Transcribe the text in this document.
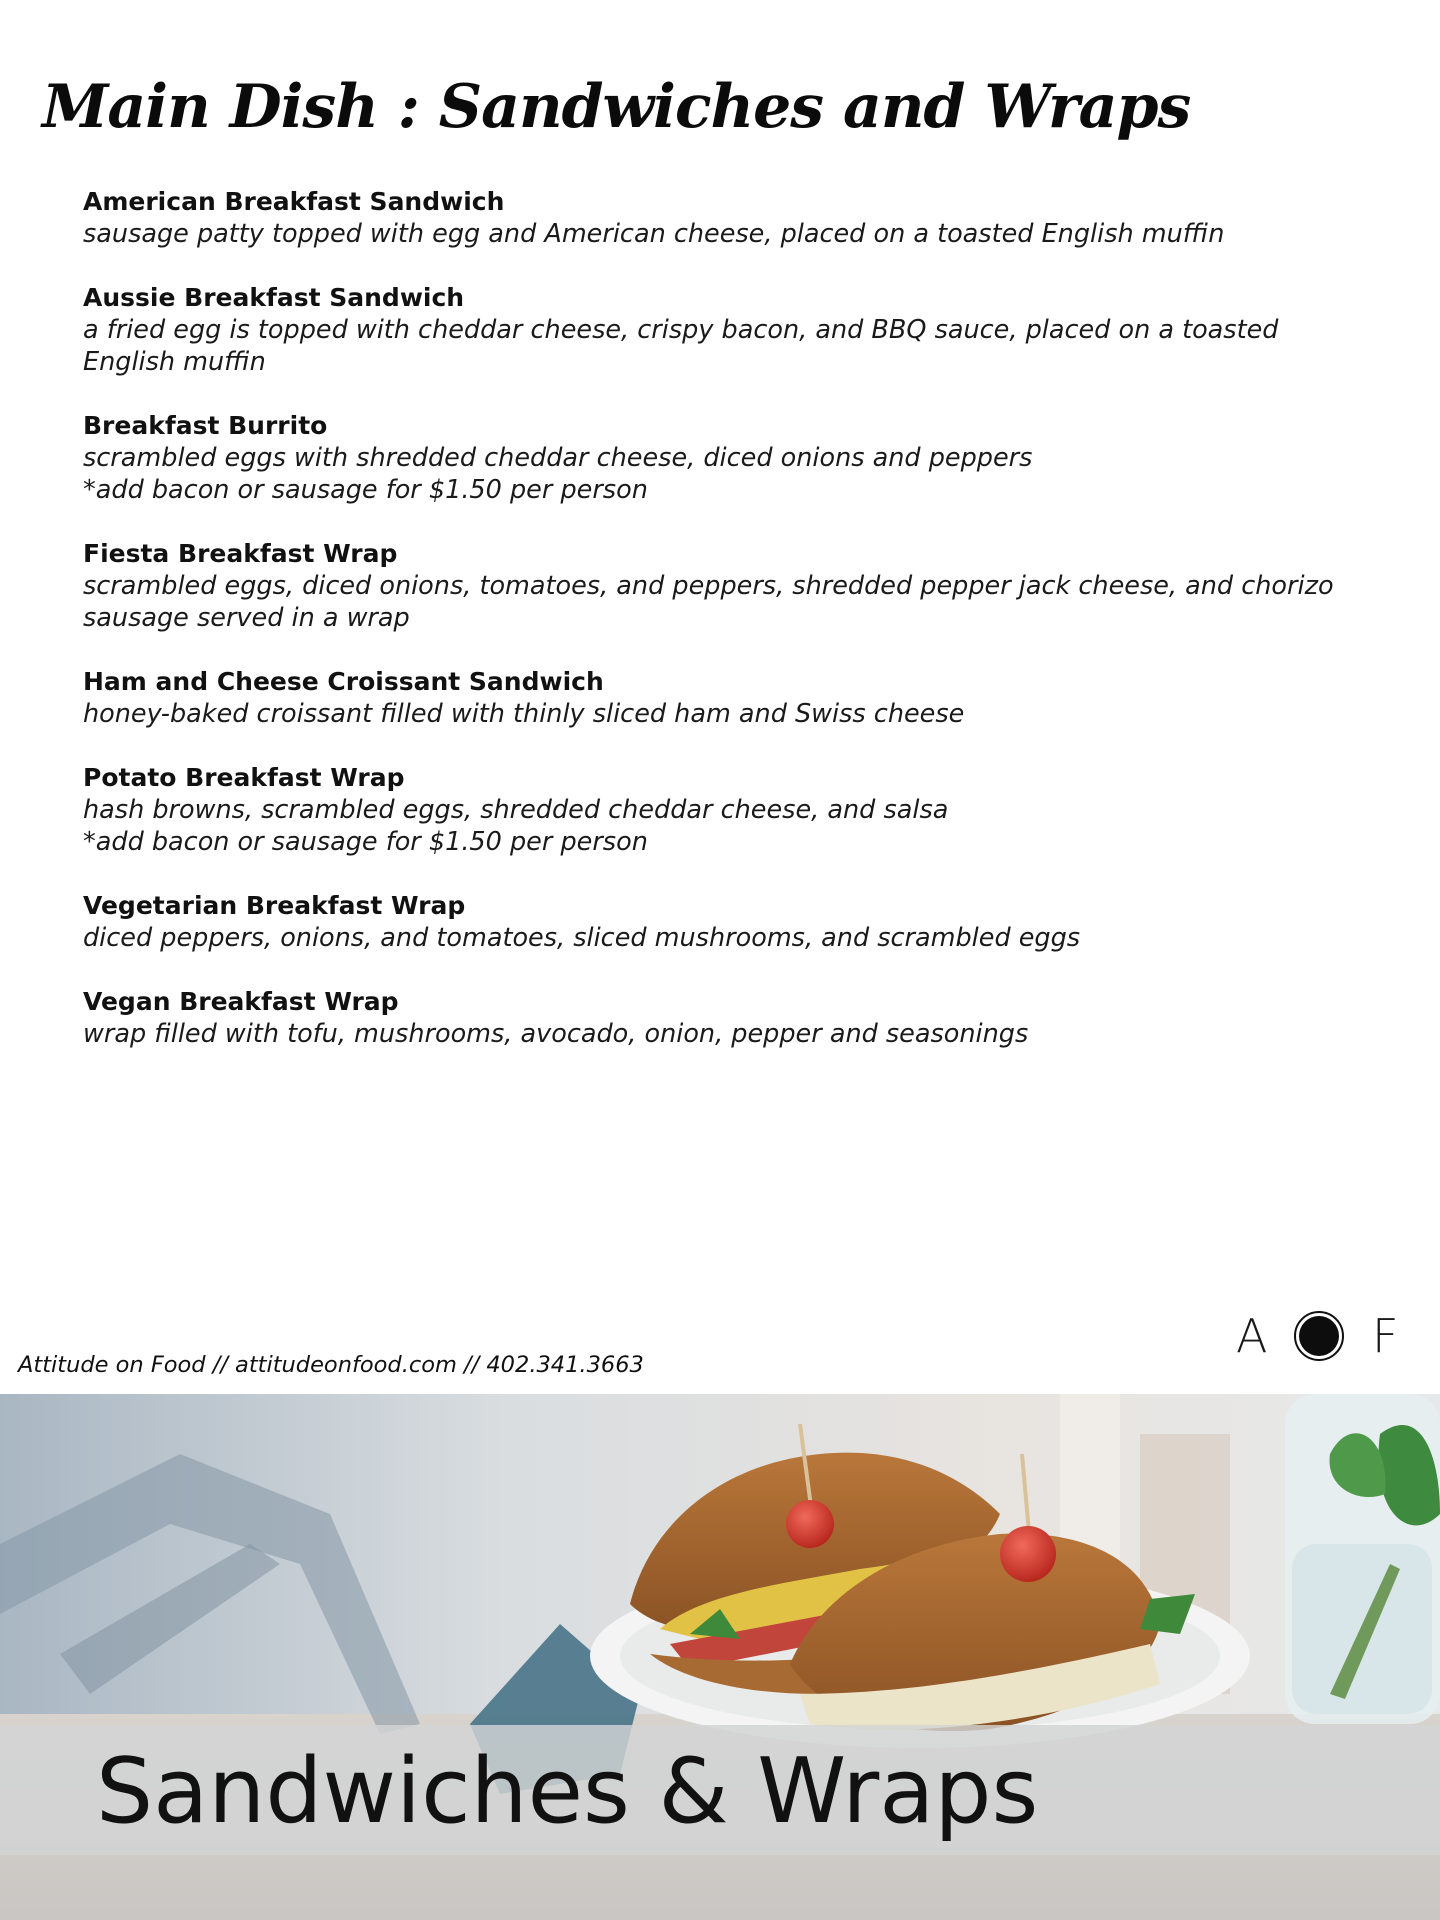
Main Dish : Sandwiches and Wraps
American Breakfast Sandwich
sausage patty topped with egg and American cheese, placed on a toasted English muffin
Aussie Breakfast Sandwich
a fried egg is topped with cheddar cheese, crispy bacon, and BBQ sauce, placed on a toasted English muffin
Breakfast Burrito
scrambled eggs with shredded cheddar cheese, diced onions and peppers
*add bacon or sausage for $1.50 per person
Fiesta Breakfast Wrap
scrambled eggs, diced onions, tomatoes, and peppers, shredded pepper jack cheese, and chorizo sausage served in a wrap
Ham and Cheese Croissant Sandwich
honey-baked croissant filled with thinly sliced ham and Swiss cheese
Potato Breakfast Wrap
hash browns, scrambled eggs, shredded cheddar cheese, and salsa
*add bacon or sausage for $1.50 per person
Vegetarian Breakfast Wrap
diced peppers, onions, and tomatoes, sliced mushrooms, and scrambled eggs
Vegan Breakfast Wrap
wrap filled with tofu, mushrooms, avocado, onion, pepper and seasonings
Attitude on Food // attitudeonfood.com // 402.341.3663
A F
Sandwiches & Wraps
